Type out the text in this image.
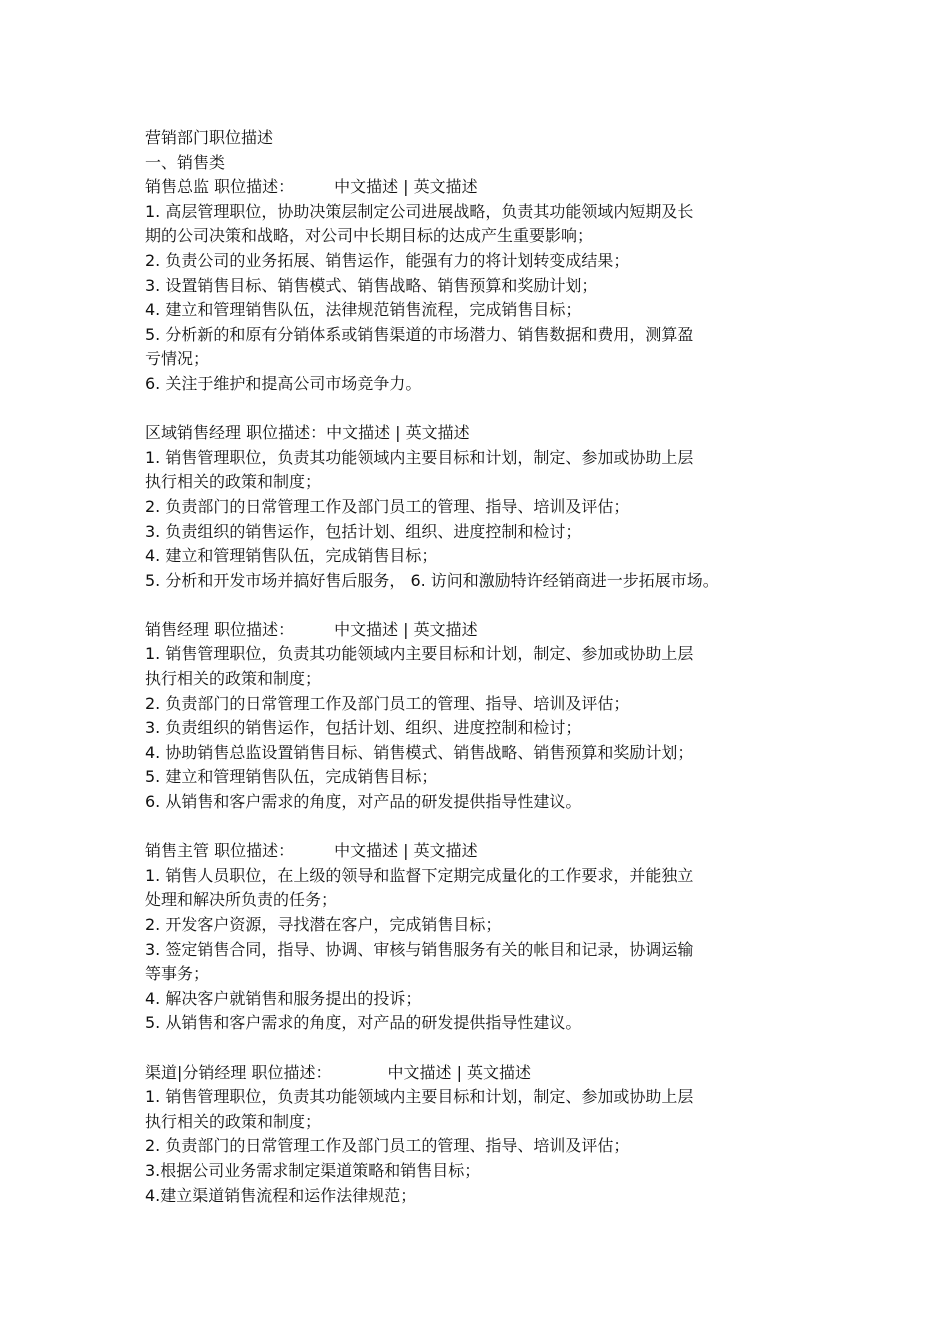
营销部门职位描述
一、销售类
销售总监 职位描述：　　　中文描述 | 英文描述
1. 高层管理职位，协助决策层制定公司进展战略，负责其功能领域内短期及长
期的公司决策和战略，对公司中长期目标的达成产生重要影响；
2. 负责公司的业务拓展、销售运作，能强有力的将计划转变成结果；
3. 设置销售目标、销售模式、销售战略、销售预算和奖励计划；
4. 建立和管理销售队伍，法律规范销售流程，完成销售目标；
5. 分析新的和原有分销体系或销售渠道的市场潜力、销售数据和费用，测算盈
亏情况；
6. 关注于维护和提高公司市场竞争力。
区域销售经理 职位描述：中文描述 | 英文描述
1. 销售管理职位，负责其功能领域内主要目标和计划，制定、参加或协助上层
执行相关的政策和制度；
2. 负责部门的日常管理工作及部门员工的管理、指导、培训及评估；
3. 负责组织的销售运作，包括计划、组织、进度控制和检讨；
4. 建立和管理销售队伍，完成销售目标；
5. 分析和开发市场并搞好售后服务， 6. 访问和激励特许经销商进一步拓展市场。
销售经理 职位描述：　　　中文描述 | 英文描述
1. 销售管理职位，负责其功能领域内主要目标和计划，制定、参加或协助上层
执行相关的政策和制度；
2. 负责部门的日常管理工作及部门员工的管理、指导、培训及评估；
3. 负责组织的销售运作，包括计划、组织、进度控制和检讨；
4. 协助销售总监设置销售目标、销售模式、销售战略、销售预算和奖励计划；
5. 建立和管理销售队伍，完成销售目标；
6. 从销售和客户需求的角度，对产品的研发提供指导性建议。
销售主管 职位描述：　　　中文描述 | 英文描述
1. 销售人员职位，在上级的领导和监督下定期完成量化的工作要求，并能独立
处理和解决所负责的任务；
2. 开发客户资源，寻找潜在客户，完成销售目标；
3. 签定销售合同，指导、协调、审核与销售服务有关的帐目和记录，协调运输
等事务；
4. 解决客户就销售和服务提出的投诉；
5. 从销售和客户需求的角度，对产品的研发提供指导性建议。
渠道|分销经理 职位描述：　　　　中文描述 | 英文描述
1. 销售管理职位，负责其功能领域内主要目标和计划，制定、参加或协助上层
执行相关的政策和制度；
2. 负责部门的日常管理工作及部门员工的管理、指导、培训及评估；
3.根据公司业务需求制定渠道策略和销售目标；
4.建立渠道销售流程和运作法律规范；
